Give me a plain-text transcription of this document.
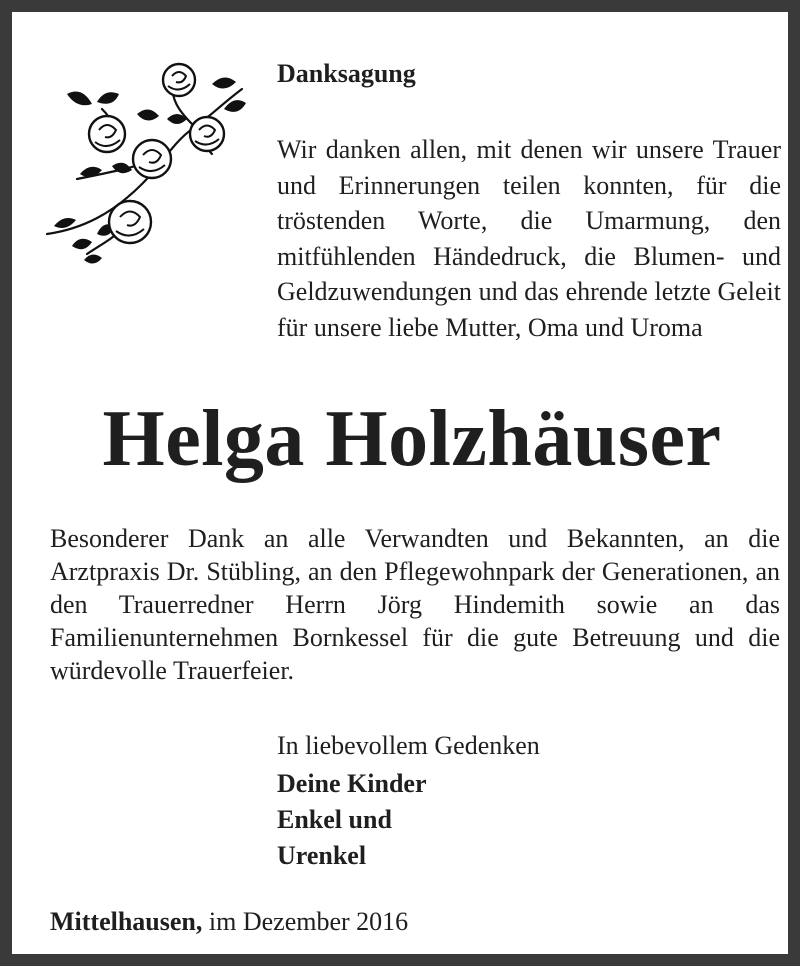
Danksagung
Wir danken allen, mit denen wir unsere Trauer und Erinnerungen teilen konnten, für die tröstenden Worte, die Umarmung, den mitfühlenden Händedruck, die Blumen- und Geldzuwendungen und das ehrende letzte Geleit für unsere liebe Mutter, Oma und Uroma
Helga Holzhäuser
Besonderer Dank an alle Verwandten und Bekannten, an die Arztpraxis Dr. Stübling, an den Pflegewohnpark der Generationen, an den Trauerredner Herrn Jörg Hindemith sowie an das Familienunternehmen Bornkessel für die gute Betreuung und die würdevolle Trauerfeier.
In liebevollem Gedenken
Deine Kinder
Enkel und
Urenkel
Mittelhausen, im Dezember 2016
